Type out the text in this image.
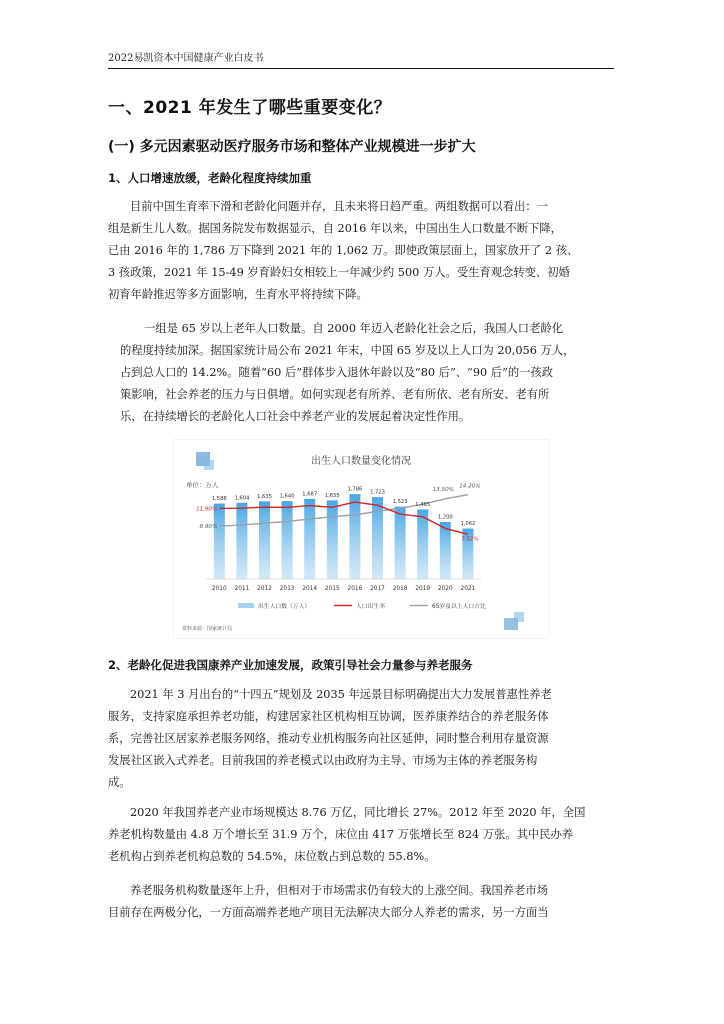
2022易凯资本中国健康产业白皮书
一、2021 年发生了哪些重要变化？
(一) 多元因素驱动医疗服务市场和整体产业规模进一步扩大
1、人口增速放缓，老龄化程度持续加重
目前中国生育率下滑和老龄化问题并存，且未来将日趋严重。两组数据可以看出：一
组是新生儿人数。据国务院发布数据显示，自 2016 年以来，中国出生人口数量不断下降，
已由 2016 年的 1,786 万下降到 2021 年的 1,062 万。即使政策层面上，国家放开了 2 孩、
3 孩政策，2021 年 15-49 岁育龄妇女相较上一年减少约 500 万人。受生育观念转变、初婚
初育年龄推迟等多方面影响，生育水平将持续下降。
一组是 65 岁以上老年人口数量。自 2000 年迈入老龄化社会之后，我国人口老龄化
的程度持续加深。据国家统计局公布 2021 年末，中国 65 岁及以上人口为 20,056 万人，
占到总人口的 14.2%。随着“60 后”群体步入退休年龄以及“80 后”、“90 后”的一孩政
策影响，社会养老的压力与日俱增。如何实现老有所养、老有所依、老有所安、老有所
乐，在持续增长的老龄化人口社会中养老产业的发展起着决定性作用。
出生人口数量变化情况
单位：万人
1,588 1,604 1,635 1,640 1,687 1,655
1,786 1,723
1,523 1,465
1,200
1,062
11.90%
7.52%
8.90%
13.50%
14.20%
2010 2011 2012 2013 2014 2015 2016 2017 2018 2019 2020 2021
出生人口数（万人）	人口出生率	65岁及以上人口占比
资料来源：国家统计局
2、老龄化促进我国康养产业加速发展，政策引导社会力量参与养老服务
2021 年 3 月出台的“十四五”规划及 2035 年远景目标明确提出大力发展普惠性养老
服务，支持家庭承担养老功能，构建居家社区机构相互协调，医养康养结合的养老服务体
系，完善社区居家养老服务网络，推动专业机构服务向社区延伸，同时整合利用存量资源
发展社区嵌入式养老。目前我国的养老模式以由政府为主导、市场为主体的养老服务构
成。
2020 年我国养老产业市场规模达 8.76 万亿，同比增长 27%。2012 年至 2020 年，全国
养老机构数量由 4.8 万个增长至 31.9 万个，床位由 417 万张增长至 824 万张。其中民办养
老机构占到养老机构总数的 54.5%，床位数占到总数的 55.8%。
养老服务机构数量逐年上升，但相对于市场需求仍有较大的上涨空间。我国养老市场
目前存在两极分化，一方面高端养老地产项目无法解决大部分人养老的需求，另一方面当
